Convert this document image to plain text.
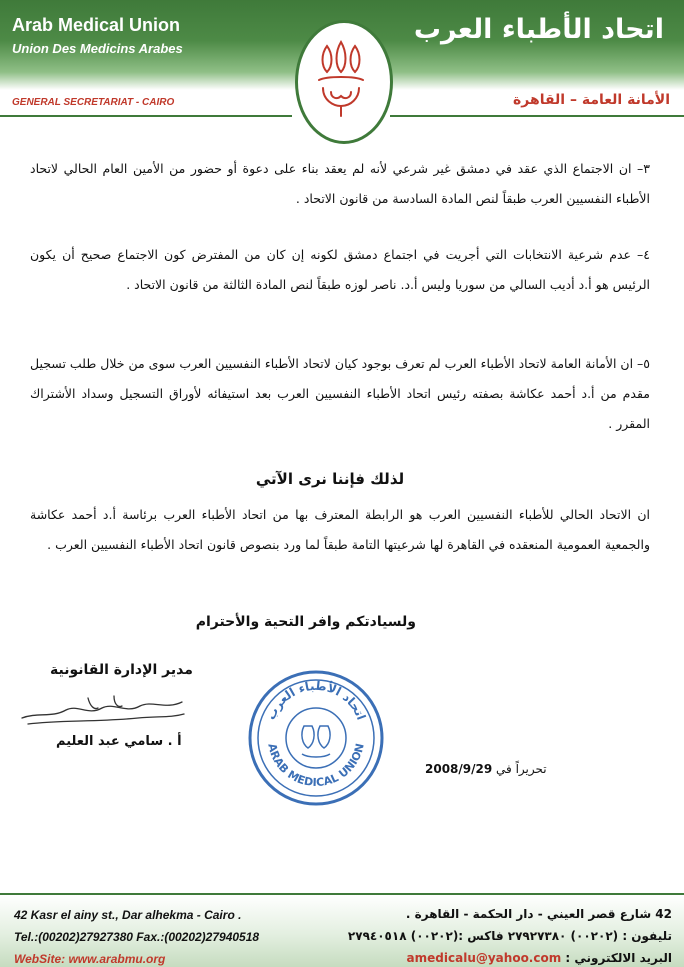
Arab Medical Union
Union Des Medicins Arabes
اتحاد الأطباء العرب
GENERAL SECRETARIAT - CAIRO	الأمانة العامة – القاهرة
٣– ان الاجتماع الذي عقد في دمشق غير شرعي لأنه لم يعقد بناء على دعوة أو حضور من الأمين العام الحالي لاتحاد الأطباء النفسيين العرب طبقاً لنص المادة السادسة من قانون الاتحاد .
٤– عدم شرعية الانتخابات التي أجريت في اجتماع دمشق لكونه إن كان من المفترض كون الاجتماع صحيح أن يكون الرئيس هو أ.د أديب السالي من سوريا وليس أ.د. ناصر لوزه طبقاً لنص المادة الثالثة من قانون الاتحاد .
٥– ان الأمانة العامة لاتحاد الأطباء العرب لم تعرف بوجود كيان لاتحاد الأطباء النفسيين العرب سوى من خلال طلب تسجيل مقدم من أ.د أحمد عكاشة بصفته رئيس اتحاد الأطباء النفسيين العرب بعد استيفائه لأوراق التسجيل وسداد الأشتراك المقرر .
لذلك فإننا نرى الآتي
ان الاتحاد الحالي للأطباء النفسيين العرب هو الرابطة المعترف بها من اتحاد الأطباء العرب برئاسة أ.د أحمد عكاشة والجمعية العمومية المنعقده في القاهرة لها شرعيتها التامة طبقاً لما ورد بنصوص قانون اتحاد الأطباء النفسيين العرب .
ولسيادتكم وافر التحية والأحترام
مدير الإدارة القانونية
أ . سامي عبد العليم	ARAB MEDICAL UNION
اتحاد الأطباء العرب
تحريراً في 2008/9/29
42 Kasr el ainy st., Dar alhekma - Cairo .
Tel.:(00202)27927380 Fax.:(00202)27940518
WebSite: www.arabmu.org
42 شارع قصر العيني - دار الحكمة - القاهرة .
تليفون : (٠٠٢٠٢) ٢٧٩٢٧٣٨٠ فاكس :(٠٠٢٠٢) ٢٧٩٤٠٥١٨
البريد الالكتروني : amedicalu@yahoo.com
